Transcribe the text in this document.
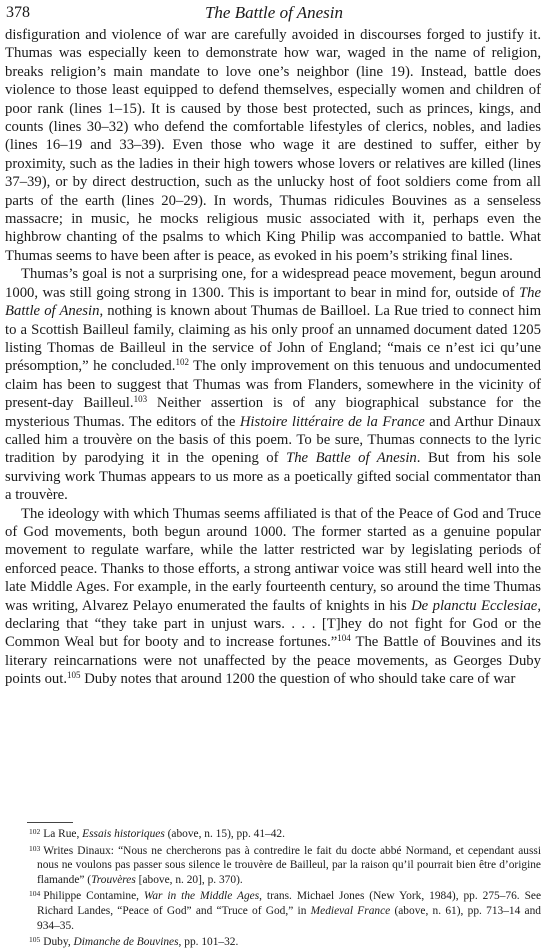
378	The Battle of Anesin

disfiguration and violence of war are carefully avoided in discourses forged to justify it. Thumas was especially keen to demonstrate how war, waged in the name of religion, breaks religion’s main mandate to love one’s neighbor (line 19). Instead, battle does violence to those least equipped to defend themselves, especially women and children of poor rank (lines 1–15). It is caused by those best protected, such as princes, kings, and counts (lines 30–32) who defend the comfortable lifestyles of clerics, nobles, and ladies (lines 16–19 and 33–39). Even those who wage it are destined to suffer, either by proximity, such as the ladies in their high towers whose lovers or relatives are killed (lines 37–39), or by direct destruction, such as the unlucky host of foot soldiers come from all parts of the earth (lines 20–29). In words, Thumas ridicules Bouvines as a senseless massacre; in music, he mocks religious music associated with it, perhaps even the highbrow chanting of the psalms to which King Philip was accompanied to battle. What Thumas seems to have been after is peace, as evoked in his poem’s striking final lines.

Thumas’s goal is not a surprising one, for a widespread peace movement, begun around 1000, was still going strong in 1300. This is important to bear in mind for, outside of The Battle of Anesin, nothing is known about Thumas de Bailloel. La Rue tried to connect him to a Scottish Bailleul family, claiming as his only proof an unnamed document dated 1205 listing Thomas de Bailleul in the service of John of England; “mais ce n’est ici qu’une présomption,” he concluded.$^{102}$ The only improvement on this tenuous and undocumented claim has been to suggest that Thumas was from Flanders, somewhere in the vicinity of present-day Bailleul.$^{103}$ Neither assertion is of any biographical substance for the mysterious Thumas. The editors of the Histoire littéraire de la France and Arthur Dinaux called him a trouvère on the basis of this poem. To be sure, Thumas connects to the lyric tradition by parodying it in the opening of The Battle of Anesin. But from his sole surviving work Thumas appears to us more as a poetically gifted social commentator than a trouvère.

The ideology with which Thumas seems affiliated is that of the Peace of God and Truce of God movements, both begun around 1000. The former started as a genuine popular movement to regulate warfare, while the latter restricted war by legislating periods of enforced peace. Thanks to those efforts, a strong antiwar voice was still heard well into the late Middle Ages. For example, in the early fourteenth century, so around the time Thumas was writing, Alvarez Pelayo enumerated the faults of knights in his De planctu Ecclesiae, declaring that “they take part in unjust wars. . . . [T]hey do not fight for God or the Common Weal but for booty and to increase fortunes.”$^{104}$ The Battle of Bouvines and its literary reincarnations were not unaffected by the peace movements, as Georges Duby points out.$^{105}$ Duby notes that around 1200 the question of who should take care of war

$^{102}$ La Rue, Essais historiques (above, n. 15), pp. 41–42.

$^{103}$ Writes Dinaux: “Nous ne chercherons pas à contredire le fait du docte abbé Normand, et cependant aussi nous ne voulons pas passer sous silence le trouvère de Bailleul, par la raison qu’il pourrait bien être d’origine flamande” (Trouvères [above, n. 20], p. 370).

$^{104}$ Philippe Contamine, War in the Middle Ages, trans. Michael Jones (New York, 1984), pp. 275–76. See Richard Landes, “Peace of God” and “Truce of God,” in Medieval France (above, n. 61), pp. 713–14 and 934–35.

$^{105}$ Duby, Dimanche de Bouvines, pp. 101–32.
